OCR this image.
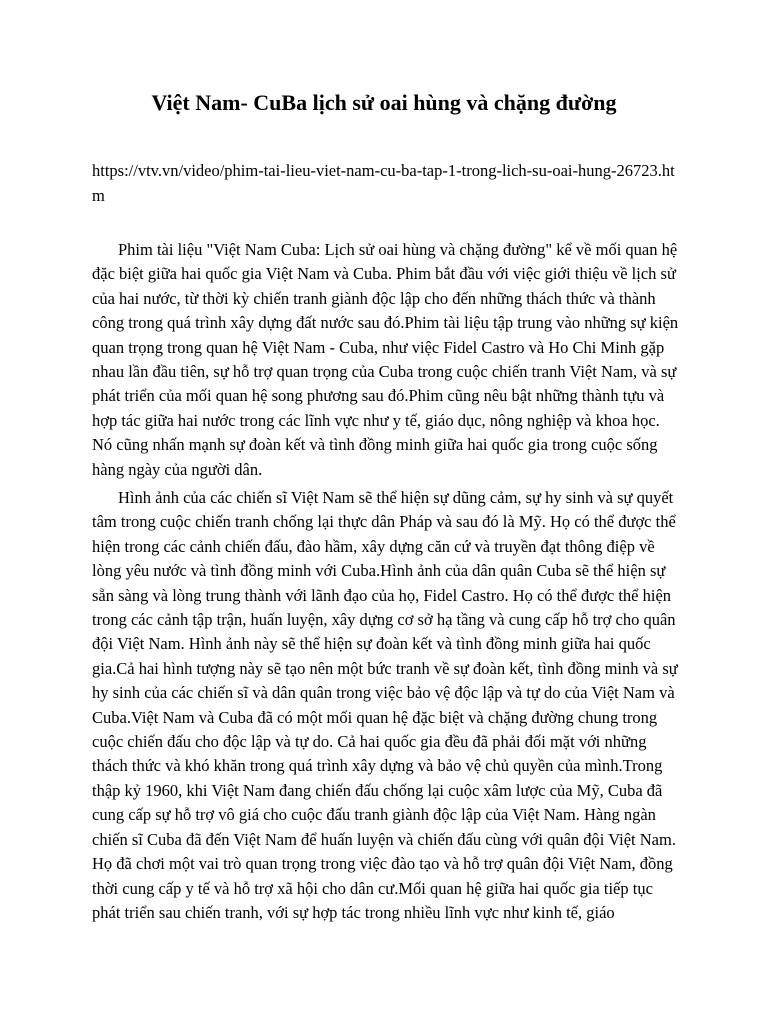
Việt Nam- CuBa lịch sử oai hùng và chặng đường

https://vtv.vn/video/phim-tai-lieu-viet-nam-cu-ba-tap-1-trong-lich-su-oai-hung-26723.htm

Phim tài liệu "Việt Nam Cuba: Lịch sử oai hùng và chặng đường" kể về mối quan hệ đặc biệt giữa hai quốc gia Việt Nam và Cuba. Phim bắt đầu với việc giới thiệu về lịch sử của hai nước, từ thời kỳ chiến tranh giành độc lập cho đến những thách thức và thành công trong quá trình xây dựng đất nước sau đó.Phim tài liệu tập trung vào những sự kiện quan trọng trong quan hệ Việt Nam - Cuba, như việc Fidel Castro và Ho Chi Minh gặp nhau lần đầu tiên, sự hỗ trợ quan trọng của Cuba trong cuộc chiến tranh Việt Nam, và sự phát triển của mối quan hệ song phương sau đó.Phim cũng nêu bật những thành tựu và hợp tác giữa hai nước trong các lĩnh vực như y tế, giáo dục, nông nghiệp và khoa học. Nó cũng nhấn mạnh sự đoàn kết và tình đồng minh giữa hai quốc gia trong cuộc sống hàng ngày của người dân.

Hình ảnh của các chiến sĩ Việt Nam sẽ thể hiện sự dũng cảm, sự hy sinh và sự quyết tâm trong cuộc chiến tranh chống lại thực dân Pháp và sau đó là Mỹ. Họ có thể được thể hiện trong các cảnh chiến đấu, đào hầm, xây dựng căn cứ và truyền đạt thông điệp về lòng yêu nước và tình đồng minh với Cuba.Hình ảnh của dân quân Cuba sẽ thể hiện sự sẵn sàng và lòng trung thành với lãnh đạo của họ, Fidel Castro. Họ có thể được thể hiện trong các cảnh tập trận, huấn luyện, xây dựng cơ sở hạ tầng và cung cấp hỗ trợ cho quân đội Việt Nam. Hình ảnh này sẽ thể hiện sự đoàn kết và tình đồng minh giữa hai quốc gia.Cả hai hình tượng này sẽ tạo nên một bức tranh về sự đoàn kết, tình đồng minh và sự hy sinh của các chiến sĩ và dân quân trong việc bảo vệ độc lập và tự do của Việt Nam và Cuba.Việt Nam và Cuba đã có một mối quan hệ đặc biệt và chặng đường chung trong cuộc chiến đấu cho độc lập và tự do. Cả hai quốc gia đều đã phải đối mặt với những thách thức và khó khăn trong quá trình xây dựng và bảo vệ chủ quyền của mình.Trong thập kỷ 1960, khi Việt Nam đang chiến đấu chống lại cuộc xâm lược của Mỹ, Cuba đã cung cấp sự hỗ trợ vô giá cho cuộc đấu tranh giành độc lập của Việt Nam. Hàng ngàn chiến sĩ Cuba đã đến Việt Nam để huấn luyện và chiến đấu cùng với quân đội Việt Nam. Họ đã chơi một vai trò quan trọng trong việc đào tạo và hỗ trợ quân đội Việt Nam, đồng thời cung cấp y tế và hỗ trợ xã hội cho dân cư.Mối quan hệ giữa hai quốc gia tiếp tục phát triển sau chiến tranh, với sự hợp tác trong nhiều lĩnh vực như kinh tế, giáo
